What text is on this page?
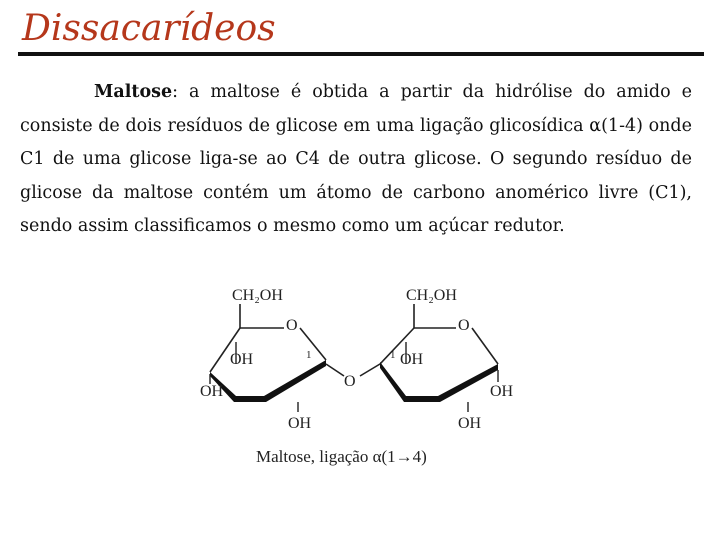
Dissacarídeos
Maltose: a maltose é obtida a partir da hidrólise do amido e consiste de dois resíduos de glicose em uma ligação glicosídica α(1-4) onde C1 de uma glicose liga-se ao C4 de outra glicose. O segundo resíduo de glicose da maltose contém um átomo de carbono anomérico livre (C1), sendo assim classificamos o mesmo como um açúcar redutor.
CH₂OH
O
OH	1
OH
OH
O
CH₂OH
O
1 OH
OH
OH
Maltose, ligação α(1→4)
